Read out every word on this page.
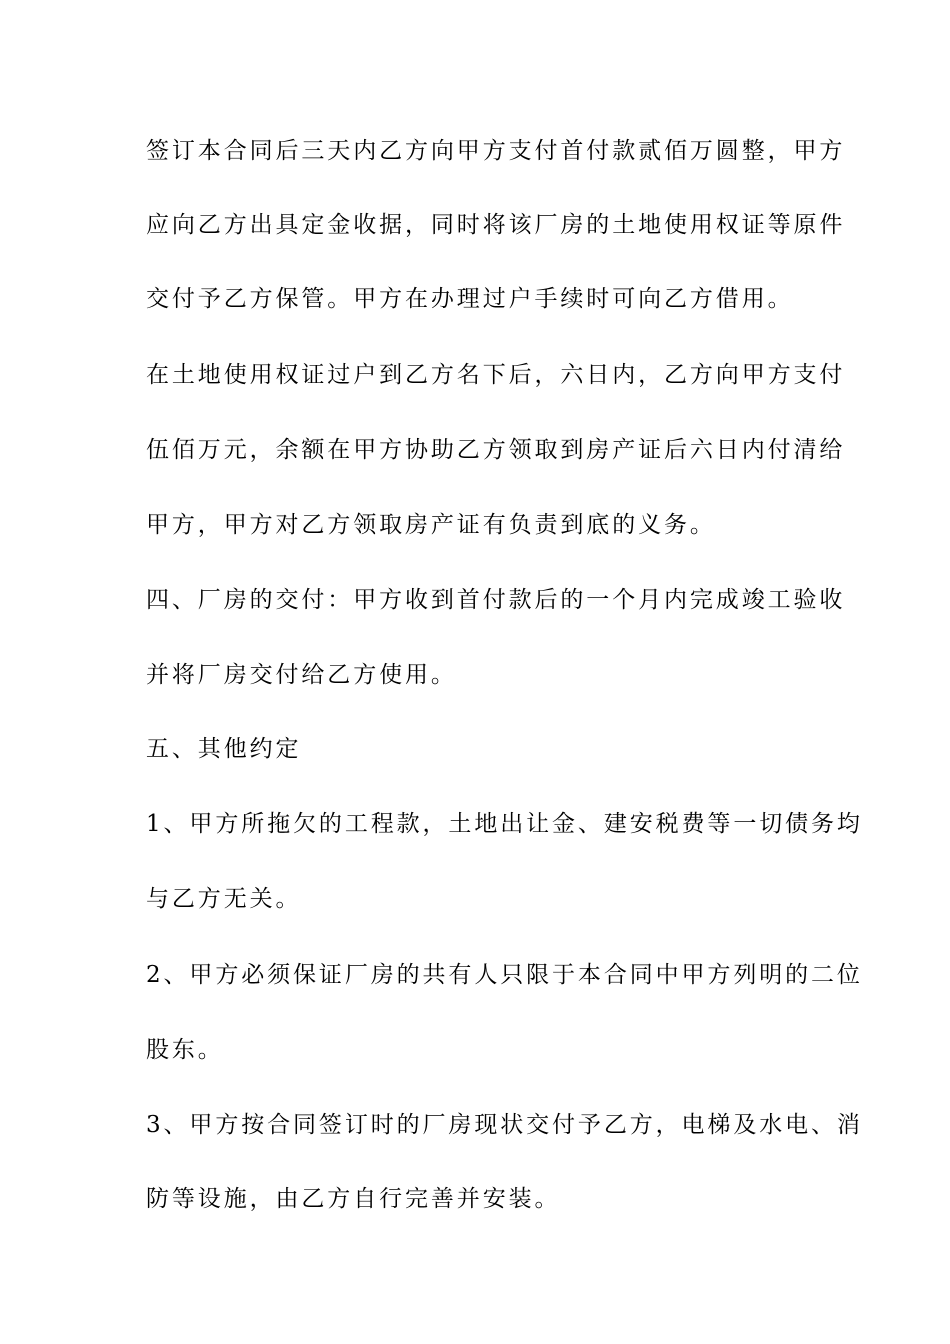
签订本合同后三天内乙方向甲方支付首付款贰佰万圆整，甲方

应向乙方出具定金收据，同时将该厂房的土地使用权证等原件

交付予乙方保管。甲方在办理过户手续时可向乙方借用。

在土地使用权证过户到乙方名下后，六日内，乙方向甲方支付

伍佰万元，余额在甲方协助乙方领取到房产证后六日内付清给

甲方，甲方对乙方领取房产证有负责到底的义务。

四、厂房的交付：甲方收到首付款后的一个月内完成竣工验收

并将厂房交付给乙方使用。

五、其他约定

1、甲方所拖欠的工程款，土地出让金、建安税费等一切债务均

与乙方无关。

2、甲方必须保证厂房的共有人只限于本合同中甲方列明的二位

股东。

3、甲方按合同签订时的厂房现状交付予乙方，电梯及水电、消

防等设施，由乙方自行完善并安装。
